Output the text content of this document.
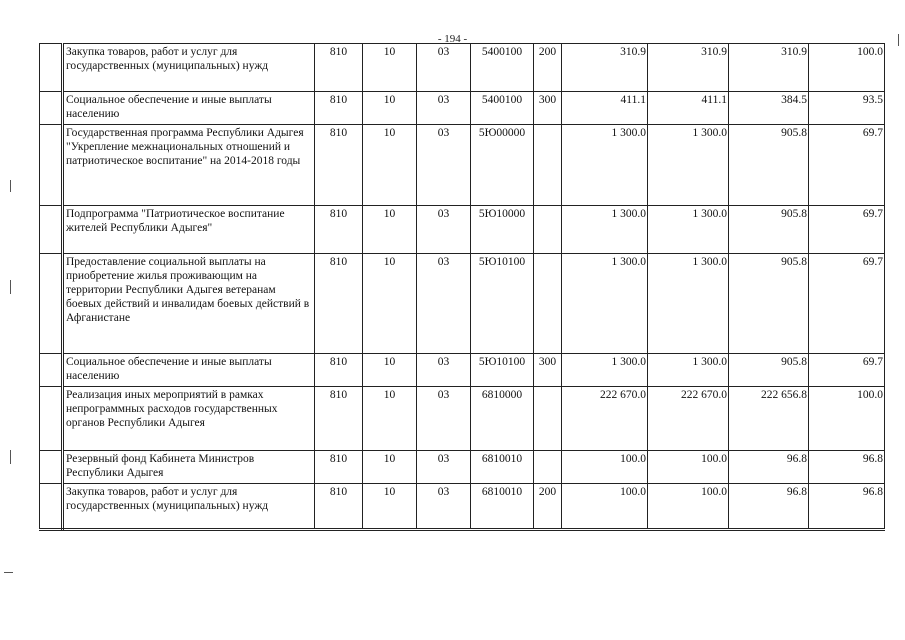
- 194 -
	Закупка товаров, работ и услуг для государственных (муниципальных) нужд	810	10	03	5400100	200	310.9	310.9	310.9	100.0
	Социальное обеспечение и иные выплаты населению	810	10	03	5400100	300	411.1	411.1	384.5	93.5
	Государственная программа Республики Адыгея "Укрепление межнациональных отношений и патриотическое воспитание" на 2014-2018 годы	810	10	03	5Ю00000		1 300.0	1 300.0	905.8	69.7
	Подпрограмма "Патриотическое воспитание жителей Республики Адыгея"	810	10	03	5Ю10000		1 300.0	1 300.0	905.8	69.7
	Предоставление социальной выплаты на приобретение жилья проживающим на территории Республики Адыгея ветеранам боевых действий и инвалидам боевых действий в Афганистане	810	10	03	5Ю10100		1 300.0	1 300.0	905.8	69.7
	Социальное обеспечение и иные выплаты населению	810	10	03	5Ю10100	300	1 300.0	1 300.0	905.8	69.7
	Реализация иных мероприятий в рамках непрограммных расходов государственных органов Республики Адыгея	810	10	03	6810000		222 670.0	222 670.0	222 656.8	100.0
	Резервный фонд Кабинета Министров Республики Адыгея	810	10	03	6810010		100.0	100.0	96.8	96.8
	Закупка товаров, работ и услуг для государственных (муниципальных) нужд	810	10	03	6810010	200	100.0	100.0	96.8	96.8
